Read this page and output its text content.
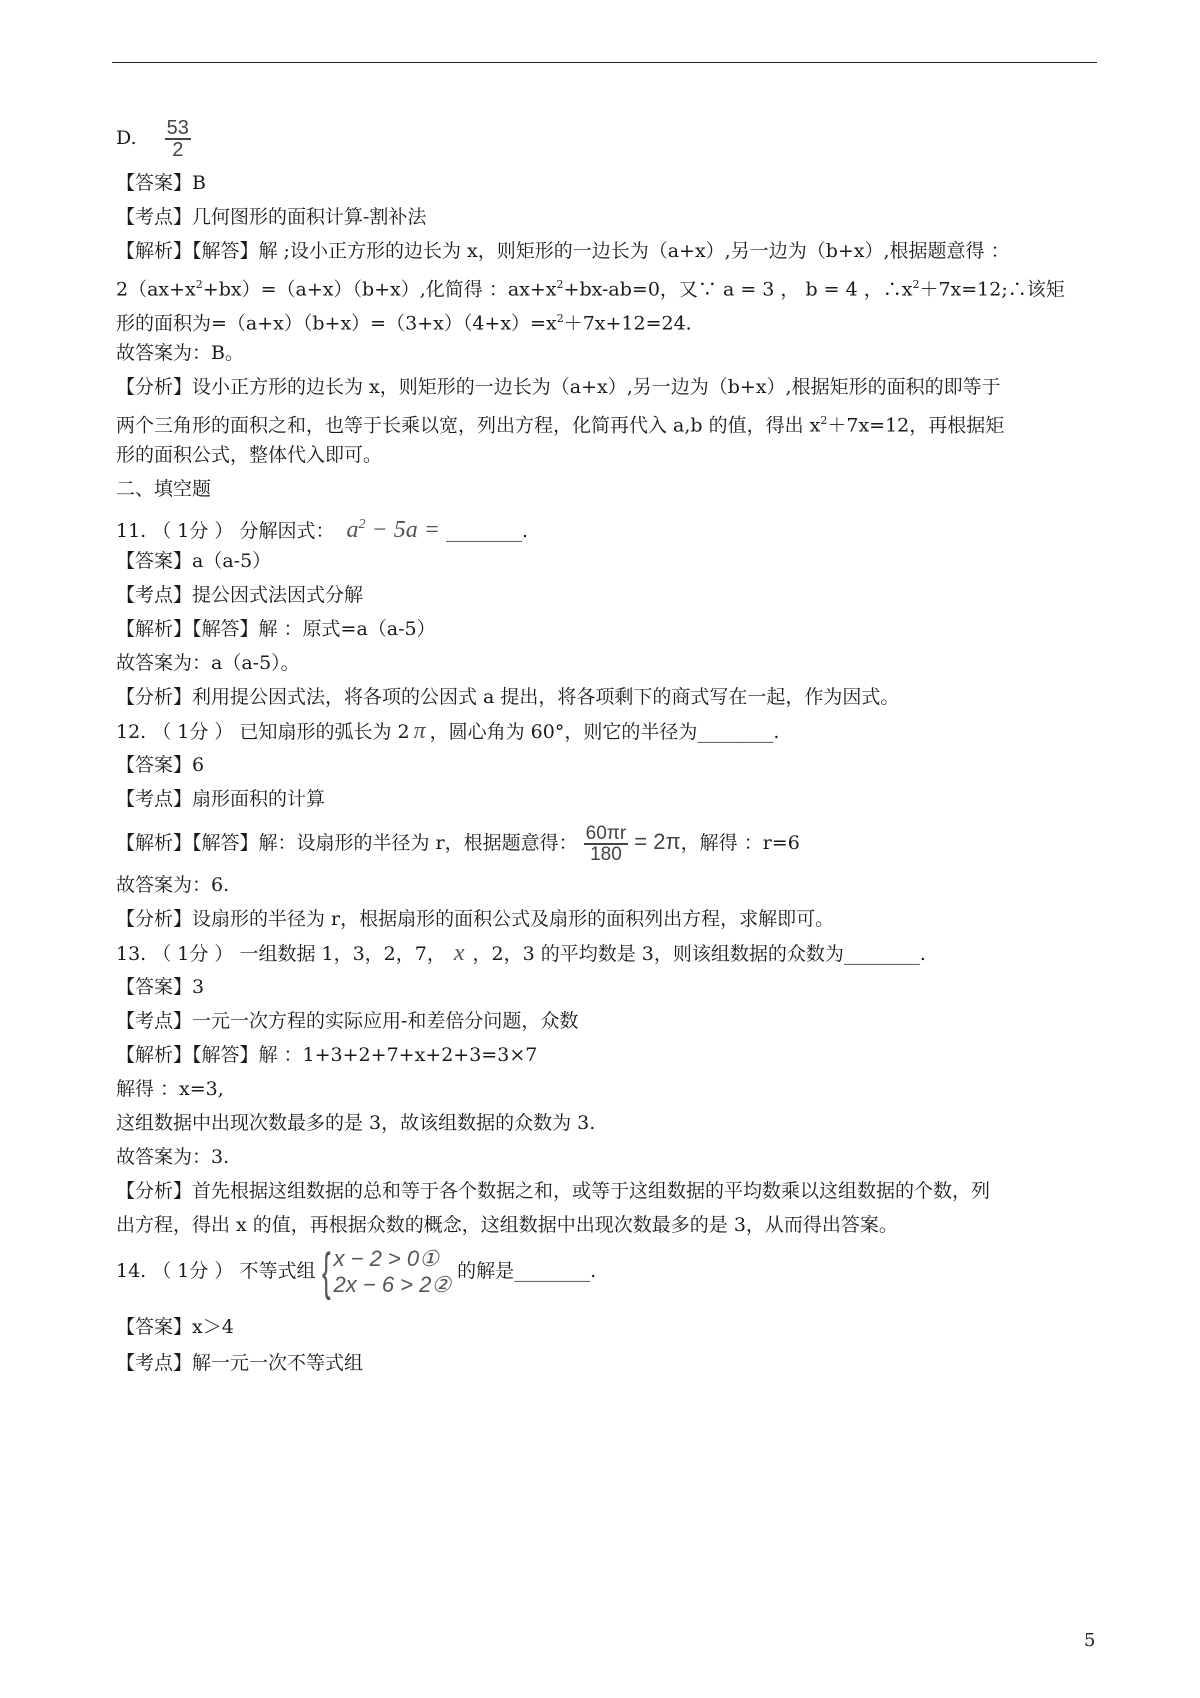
D. $\frac{53}{2}$
【答案】B
【考点】几何图形的面积计算-割补法
【解析】【解答】解 ;设小正方形的边长为 x，则矩形的一边长为（a+x）,另一边为（b+x）,根据题意得 ：
$2(ax+x^2+bx)=(a+x)(b+x)$,化简得 ：$ax+x^2+bx-ab=0$，又∵ a = 3 ， b = 4 ，$\therefore x^2+7x=12;\therefore$该矩
形的面积为$=(a+x)(b+x)=(3+x)(4+x)=x^2+7x+12=24$.
故答案为：B。
【分析】设小正方形的边长为 x，则矩形的一边长为（a+x）,另一边为（b+x）,根据矩形的面积的即等于
两个三角形的面积之和，也等于长乘以宽，列出方程，化简再代入 a,b 的值，得出 $x^2+7x=12$，再根据矩
形的面积公式，整体代入即可。
二、填空题
11. （ 1分 ） 分解因式： $a^2 - 5a$ = ________.
【答案】a（a-5）
【考点】提公因式法因式分解
【解析】【解答】解 ：原式=a（a-5）
故答案为：a（a-5）。
【分析】利用提公因式法，将各项的公因式 a 提出，将各项剩下的商式写在一起，作为因式。
12. （ 1分 ） 已知扇形的弧长为 2 π ，圆心角为 60°，则它的半径为________.
【答案】6
【考点】扇形面积的计算
【解析】【解答】解：设扇形的半径为 r，根据题意得： $\frac{60\pi r}{180} = 2\pi$，解得 ：r=6
故答案为：6.
【分析】设扇形的半径为 r，根据扇形的面积公式及扇形的面积列出方程，求解即可。
13. （ 1分 ） 一组数据 1，3，2，7， x ，2，3 的平均数是 3，则该组数据的众数为________.
【答案】3
【考点】一元一次方程的实际应用-和差倍分问题，众数
【解析】【解答】解 ：1+3+2+7+x+2+3=3×7
解得 ：x=3,
这组数据中出现次数最多的是 3，故该组数据的众数为 3.
故答案为：3.
【分析】首先根据这组数据的总和等于各个数据之和，或等于这组数据的平均数乘以这组数据的个数，列
出方程，得出 x 的值，再根据众数的概念，这组数据中出现次数最多的是 3，从而得出答案。
14. （ 1分 ） 不等式组 { x − 2 > 0①
2x − 6 > 2②
的解是________.
【答案】x＞4
【考点】解一元一次不等式组
5
